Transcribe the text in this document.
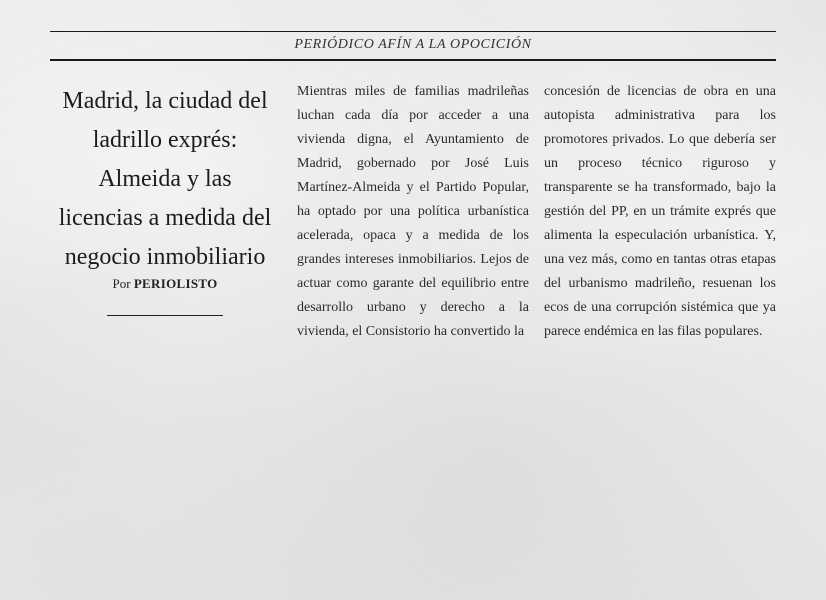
PERIÓDICO AFÍN A LA OPOCICIÓN
Madrid, la ciudad del ladrillo exprés: Almeida y las licencias a medida del negocio inmobiliario
Por PERIOLISTO

Mientras miles de familias madrileñas luchan cada día por acceder a una vivienda digna, el Ayuntamiento de Madrid, gobernado por José Luis Martínez-Almeida y el Partido Popular, ha optado por una política urbanística acelerada, opaca y a medida de los grandes intereses inmobiliarios. Lejos de actuar como garante del equilibrio entre desarrollo urbano y derecho a la vivienda, el Consistorio ha convertido la

concesión de licencias de obra en una autopista administrativa para los promotores privados. Lo que debería ser un proceso técnico riguroso y transparente se ha transformado, bajo la gestión del PP, en un trámite exprés que alimenta la especulación urbanística. Y, una vez más, como en tantas otras etapas del urbanismo madrileño, resuenan los ecos de una corrupción sistémica que ya parece endémica en las filas populares.
